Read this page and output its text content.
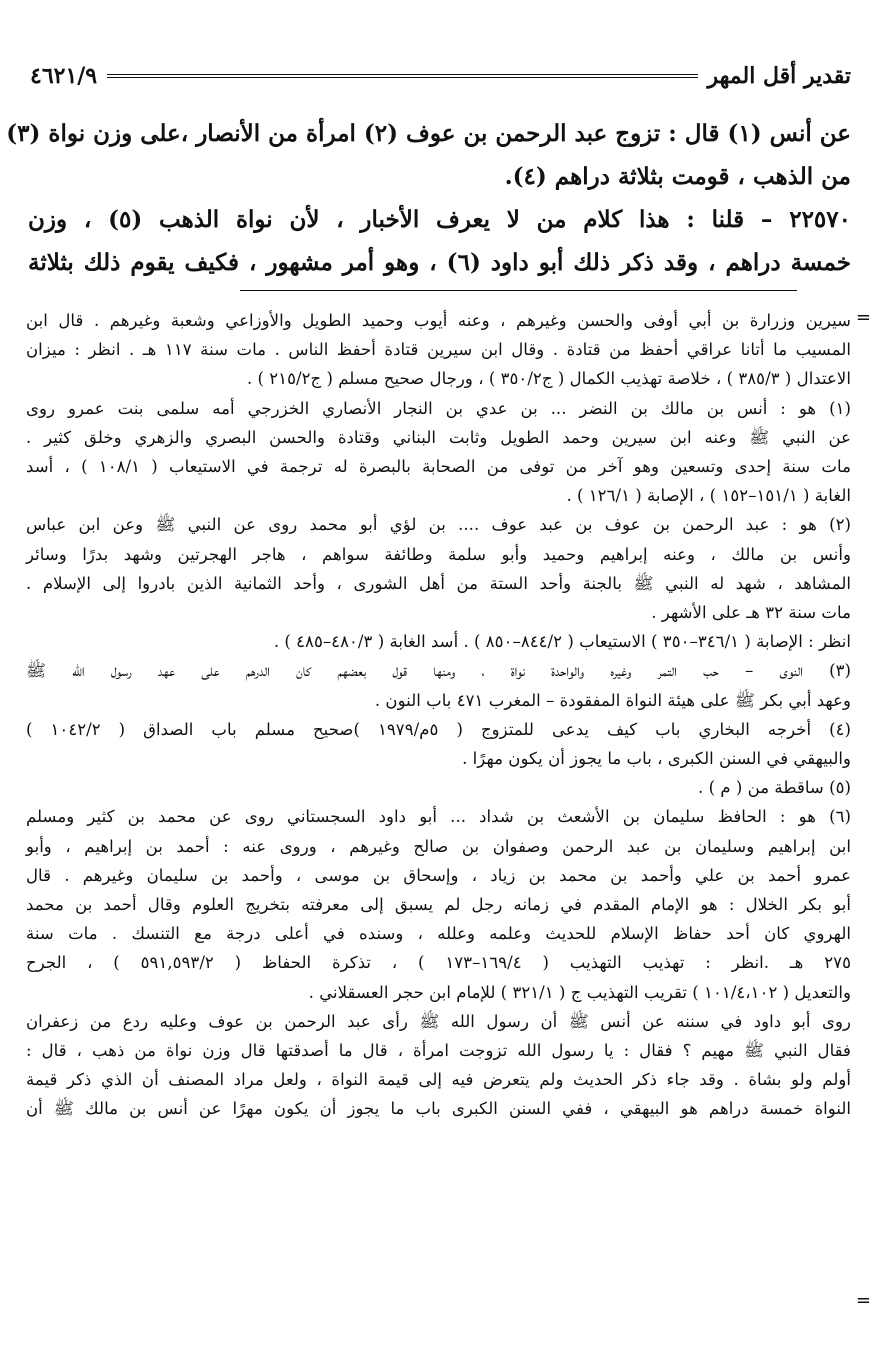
تقدير أقل المهر
٤٦٢١/٩
عن أنس (١) قال : تزوج عبد الرحمن بن عوف (٢) امرأة من الأنصار ،على وزن نواة (٣)
من الذهب ، قومت بثلاثة دراهم (٤).
٢٢٥٧٠ – قلنا : هذا كلام من لا يعرف الأخبار ، لأن نواة الذهب (٥) ، وزن
خمسة دراهم ، وقد ذكر ذلك أبو داود (٦) ، وهو أمر مشهور ، فكيف يقوم ذلك بثلاثة
=
سيرين وزرارة بن أبي أوفى والحسن وغيرهم ، وعنه أيوب وحميد الطويل والأوزاعي وشعبة وغيرهم . قال ابن
المسيب ما أتانا عراقي أحفظ من قتادة . وقال ابن سيرين قتادة أحفظ الناس . مات سنة ١١٧ هـ . انظر : ميزان
الاعتدال ( ٣٨٥/٣ ) ، خلاصة تهذيب الكمال ( ج٣٥٠/٢ ) ، ورجال صحيح مسلم ( ج٢١٥/٢ ) .
(١) هو : أنس بن مالك بن النضر ... بن عدي بن النجار الأنصاري الخزرجي أمه سلمى بنت عمرو روى
عن النبي ﷺ وعنه ابن سيرين وحمد الطويل وثابت البناني وقتادة والحسن البصري والزهري وخلق كثير .
مات سنة إحدى وتسعين وهو آخر من توفى من الصحابة بالبصرة له ترجمة في الاستيعاب ( ١٠٨/١ ) ، أسد
الغابة ( ١٥١/١–١٥٢ ) ، الإصابة ( ١٢٦/١ ) .
(٢) هو : عبد الرحمن بن عوف بن عبد عوف .... بن لؤي أبو محمد روى عن النبي ﷺ وعن ابن عباس
وأنس بن مالك ، وعنه إبراهيم وحميد وأبو سلمة وطائفة سواهم ، هاجر الهجرتين وشهد بدرًا وسائر
المشاهد ، شهد له النبي ﷺ بالجنة وأحد الستة من أهل الشورى ، وأحد الثمانية الذين بادروا إلى الإسلام .
مات سنة ٣٢ هـ على الأشهر .
انظر : الإصابة ( ٣٤٦/١–٣٥٠ ) الاستيعاب ( ٨٤٤/٢–٨٥٠ ) . أسد الغابة ( ٤٨٠/٣–٤٨٥ ) .
(٣) النوى – حب التمر وغيره والواحدة نواة ، ومنها قول بعضهم كان الدرهم على عهد رسول الله ﷺ
وعهد أبي بكر ﷺ على هيئة النواة المفقودة – المغرب ٤٧١ باب النون .
(٤) أخرجه البخاري باب كيف يدعى للمتزوج ( ٥م/١٩٧٩ )صحيح مسلم باب الصداق ( ١٠٤٢/٢ )
والبيهقي في السنن الكبرى ، باب ما يجوز أن يكون مهرًا .
(٥) ساقطة من ( م ) .
(٦) هو : الحافظ سليمان بن الأشعث بن شداد ... أبو داود السجستاني روى عن محمد بن كثير ومسلم
ابن إبراهيم وسليمان بن عبد الرحمن وصفوان بن صالح وغيرهم ، وروى عنه : أحمد بن إبراهيم ، وأبو
عمرو أحمد بن علي وأحمد بن محمد بن زياد ، وإسحاق بن موسى ، وأحمد بن سليمان وغيرهم . قال
أبو بكر الخلال : هو الإمام المقدم في زمانه رجل لم يسبق إلى معرفته بتخريج العلوم وقال أحمد بن محمد
الهروي كان أحد حفاظ الإسلام للحديث وعلمه وعلله ، وسنده في أعلى درجة مع التنسك . مات سنة
٢٧٥ هـ .انظر : تهذيب التهذيب ( ١٦٩/٤–١٧٣ ) ، تذكرة الحفاظ ( ٥٩١,٥٩٣/٢ ) ، الجرح
والتعديل ( ١٠١/٤،١٠٢ ) تقريب التهذيب ج ( ٣٢١/١ ) للإمام ابن حجر العسقلاني .
روى أبو داود في سننه عن أنس ﷺ أن رسول الله ﷺ رأى عبد الرحمن بن عوف وعليه ردع من زعفران
فقال النبي ﷺ مهيم ؟ فقال : يا رسول الله تزوجت امرأة ، قال ما أصدقتها قال وزن نواة من ذهب ، قال :
أولم ولو بشاة . وقد جاء ذكر الحديث ولم يتعرض فيه إلى قيمة النواة ، ولعل مراد المصنف أن الذي ذكر قيمة
النواة خمسة دراهم هو البيهقي ، ففي السنن الكبرى باب ما يجوز أن يكون مهرًا عن أنس بن مالك ﷺ أن
=
